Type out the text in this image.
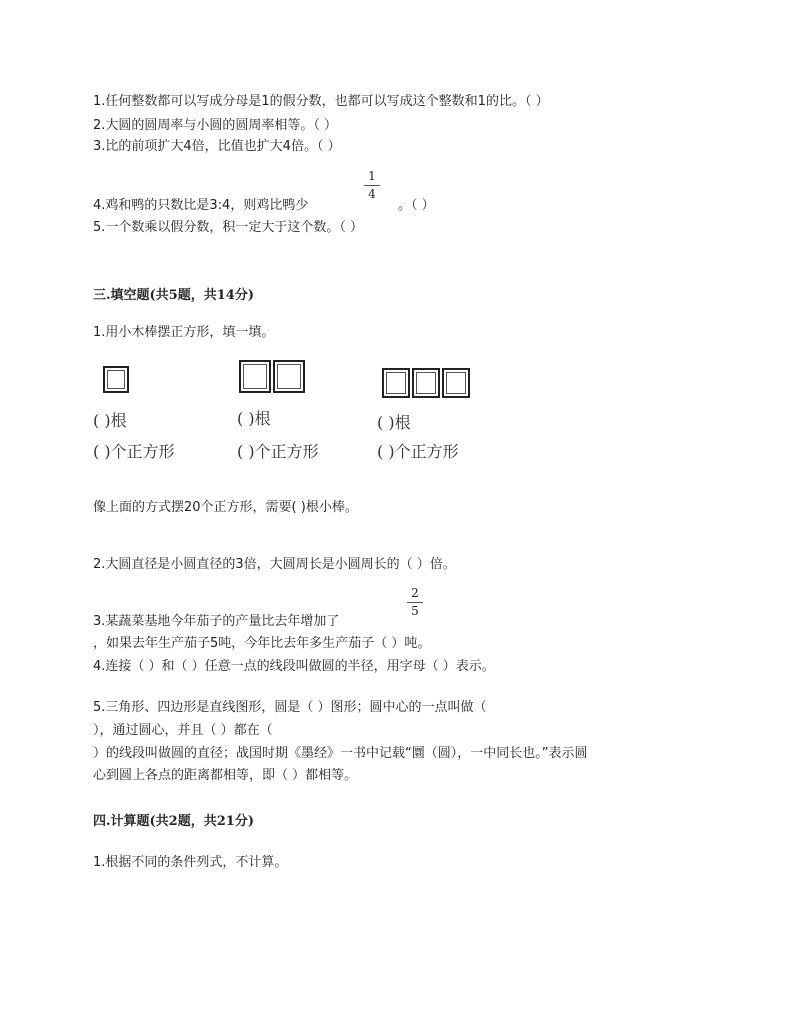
1.任何整数都可以写成分母是1的假分数，也都可以写成这个整数和1的比。（ ）
2.大圆的圆周率与小圆的圆周率相等。（ ）
3.比的前项扩大4倍，比值也扩大4倍。（ ）
1
4
4.鸡和鸭的只数比是3:4，则鸡比鸭少	。（ ）
5.一个数乘以假分数，积一定大于这个数。（ ）
三.填空题(共5题，共14分)
1.用小木棒摆正方形，填一填。
( )根	( )根	( )根
( )个正方形	( )个正方形	( )个正方形
像上面的方式摆20个正方形，需要( )根小棒。
2.大圆直径是小圆直径的3倍，大圆周长是小圆周长的（ ）倍。
2
5
3.某蔬菜基地今年茄子的产量比去年增加了
，如果去年生产茄子5吨，今年比去年多生产茄子（ ）吨。
4.连接（ ）和（ ）任意一点的线段叫做圆的半径，用字母（ ）表示。
5.三角形、四边形是直线图形，圆是（ ）图形；圆中心的一点叫做（
），通过圆心，并且（ ）都在（
）的线段叫做圆的直径；战国时期《墨经》一书中记载“圜（圆），一中同长也。”表示圆
心到圆上各点的距离都相等，即（ ）都相等。
四.计算题(共2题，共21分)
1.根据不同的条件列式，不计算。
